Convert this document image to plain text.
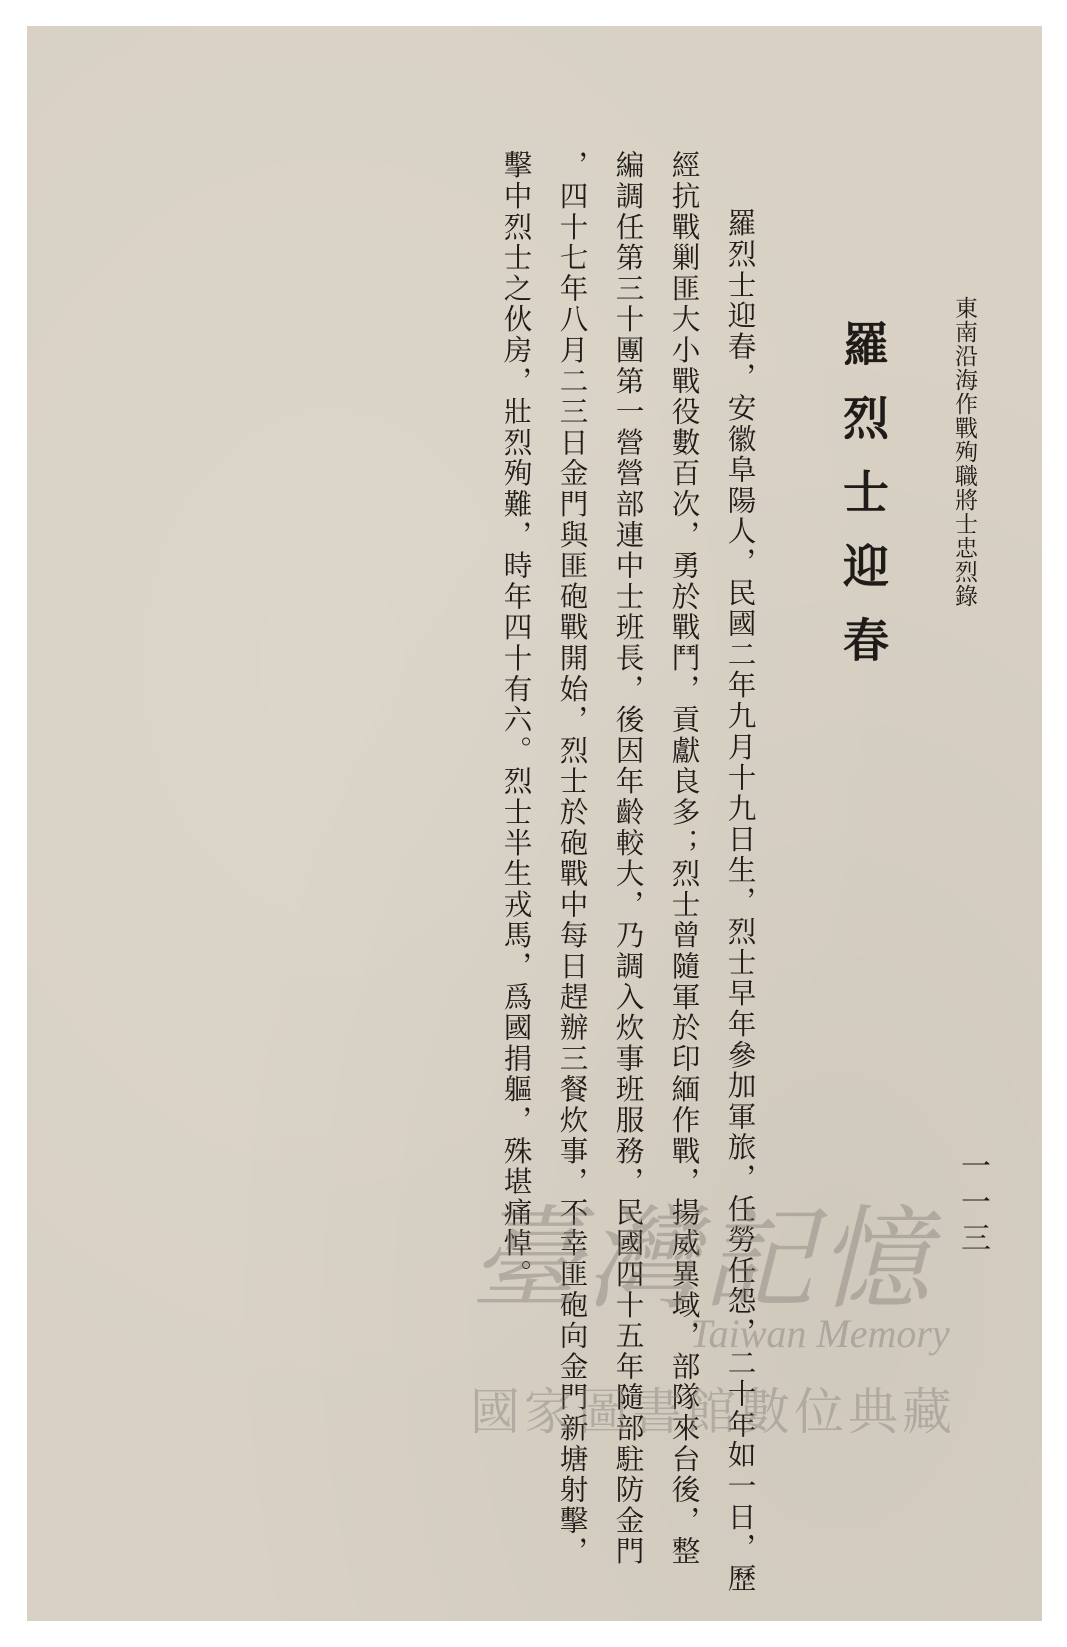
東南沿海作戰殉職將士忠烈錄
一一三
羅烈士迎春
羅烈士迎春，安徽阜陽人，民國二年九月十九日生，烈士早年參加軍旅，任勞任怨，二十年如一日，歷
經抗戰剿匪大小戰役數百次，勇於戰鬥，貢獻良多；烈士曾隨軍於印緬作戰，揚威異域，部隊來台後，整
編調任第三十團第一營營部連中士班長，後因年齡較大，乃調入炊事班服務，民國四十五年隨部駐防金門
，四十七年八月二三日金門與匪砲戰開始，烈士於砲戰中每日趕辦三餐炊事，不幸匪砲向金門新塘射擊，
擊中烈士之伙房，壯烈殉難，時年四十有六。烈士半生戎馬，爲國捐軀，殊堪痛悼。
臺灣記憶
Taiwan Memory
國家圖書館數位典藏
